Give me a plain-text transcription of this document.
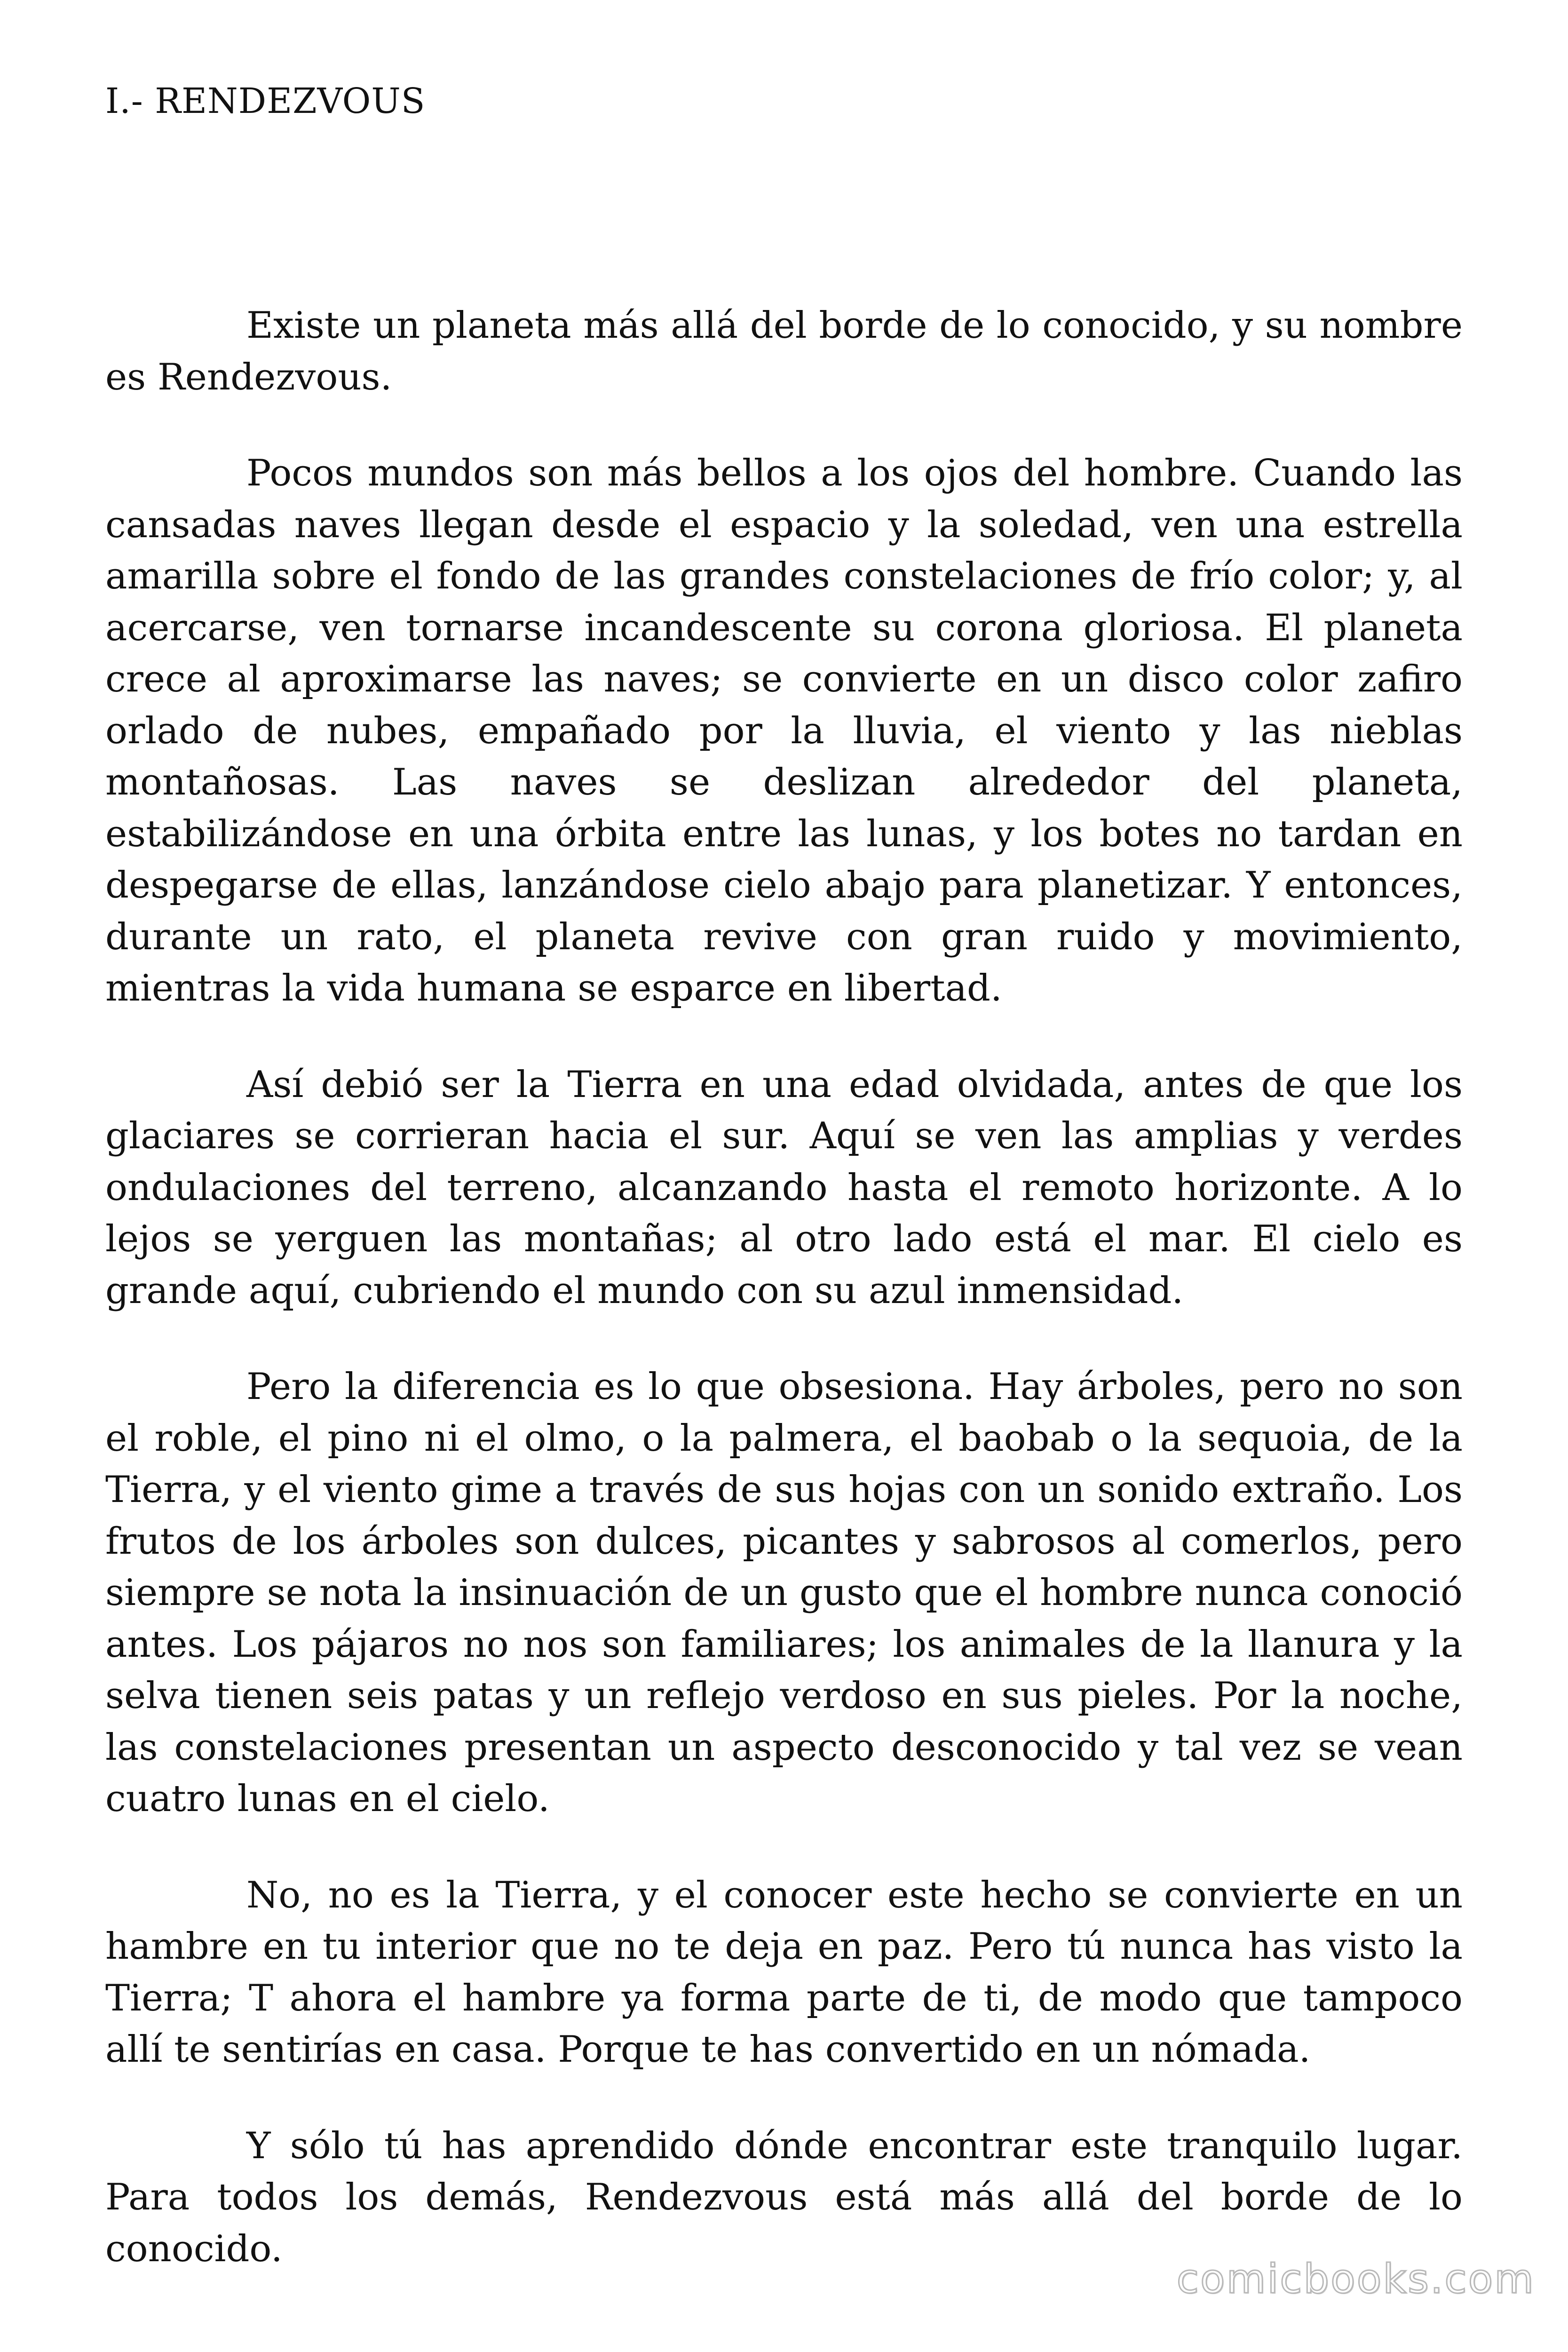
I.- RENDEZVOUS

Existe un planeta más allá del borde de lo conocido, y su nombre es Rendezvous.

Pocos mundos son más bellos a los ojos del hombre. Cuando las cansadas naves llegan desde el espacio y la soledad, ven una estrella amarilla sobre el fondo de las grandes constelaciones de frío color; y, al acercarse, ven tornarse incandescente su corona gloriosa. El planeta crece al aproximarse las naves; se convierte en un disco color zafiro orlado de nubes, empañado por la lluvia, el viento y las nieblas montañosas. Las naves se deslizan alrededor del planeta, estabilizándose en una órbita entre las lunas, y los botes no tardan en despegarse de ellas, lanzándose cielo abajo para planetizar. Y entonces, durante un rato, el planeta revive con gran ruido y movimiento, mientras la vida humana se esparce en libertad.

Así debió ser la Tierra en una edad olvidada, antes de que los glaciares se corrieran hacia el sur. Aquí se ven las amplias y verdes ondulaciones del terreno, alcanzando hasta el remoto horizonte. A lo lejos se yerguen las montañas; al otro lado está el mar. El cielo es grande aquí, cubriendo el mundo con su azul inmensidad.

Pero la diferencia es lo que obsesiona. Hay árboles, pero no son el roble, el pino ni el olmo, o la palmera, el baobab o la sequoia, de la Tierra, y el viento gime a través de sus hojas con un sonido extraño. Los frutos de los árboles son dulces, picantes y sabrosos al comerlos, pero siempre se nota la insinuación de un gusto que el hombre nunca conoció antes. Los pájaros no nos son familiares; los animales de la llanura y la selva tienen seis patas y un reflejo verdoso en sus pieles. Por la noche, las constelaciones presentan un aspecto desconocido y tal vez se vean cuatro lunas en el cielo.

No, no es la Tierra, y el conocer este hecho se convierte en un hambre en tu interior que no te deja en paz. Pero tú nunca has visto la Tierra; T ahora el hambre ya forma parte de ti, de modo que tampoco allí te sentirías en casa. Porque te has convertido en un nómada.

Y sólo tú has aprendido dónde encontrar este tranquilo lugar. Para todos los demás, Rendezvous está más allá del borde de lo conocido.

comicbooks.com
